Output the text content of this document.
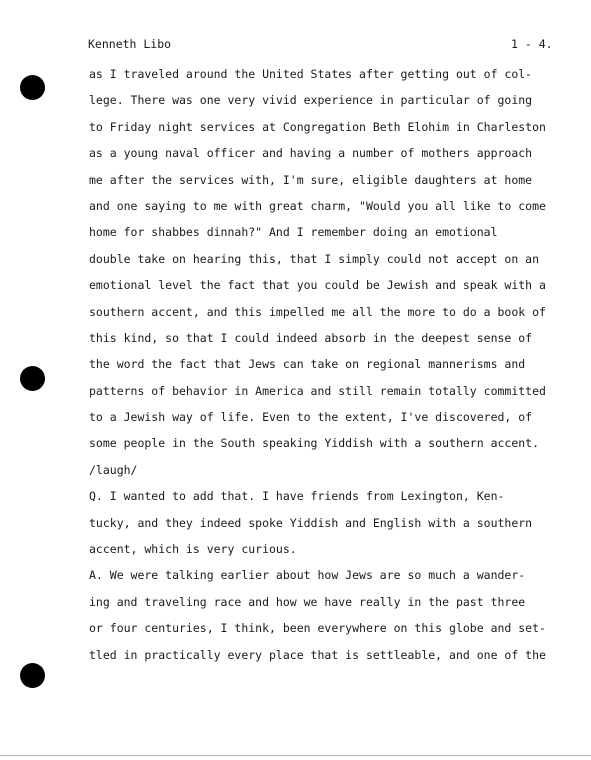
Kenneth Libo	1 - 4.
as I traveled around the United States after getting out of col-
lege. There was one very vivid experience in particular of going
to Friday night services at Congregation Beth Elohim in Charleston
as a young naval officer and having a number of mothers approach
me after the services with, I'm sure, eligible daughters at home
and one saying to me with great charm, "Would you all like to come
home for shabbes dinnah?" And I remember doing an emotional
double take on hearing this, that I simply could not accept on an
emotional level the fact that you could be Jewish and speak with a
southern accent, and this impelled me all the more to do a book of
this kind, so that I could indeed absorb in the deepest sense of
the word the fact that Jews can take on regional mannerisms and
patterns of behavior in America and still remain totally committed
to a Jewish way of life. Even to the extent, I've discovered, of
some people in the South speaking Yiddish with a southern accent.
/laugh/
Q. I wanted to add that. I have friends from Lexington, Ken-
tucky, and they indeed spoke Yiddish and English with a southern
accent, which is very curious.
A. We were talking earlier about how Jews are so much a wander-
ing and traveling race and how we have really in the past three
or four centuries, I think, been everywhere on this globe and set-
tled in practically every place that is settleable, and one of the
